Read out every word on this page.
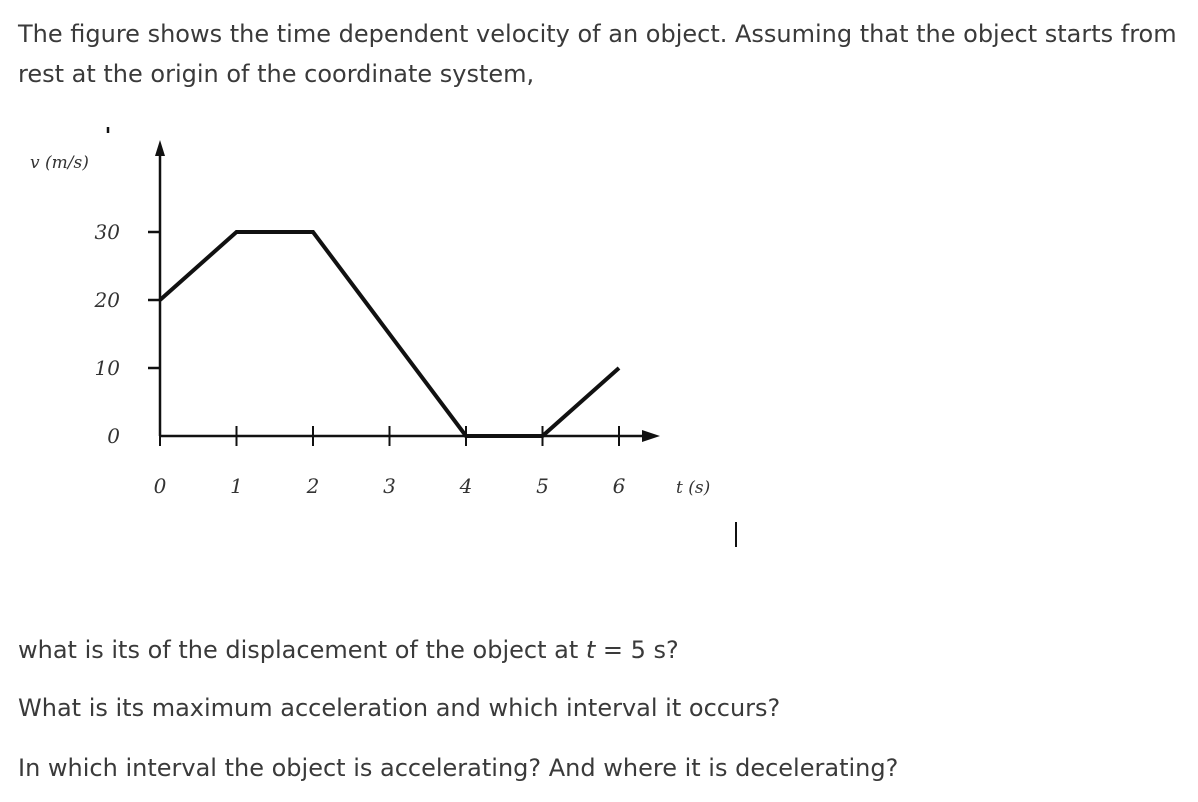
The figure shows the time dependent velocity of an object. Assuming that the object starts from rest at the origin of the coordinate system,

0
10
20
30
0	1	2	3	4	5	6
v (m/s)
t (s)

what is its of the displacement of the object at t = 5 s?

What is its maximum acceleration and which interval it occurs?

In which interval the object is accelerating? And where it is decelerating?
